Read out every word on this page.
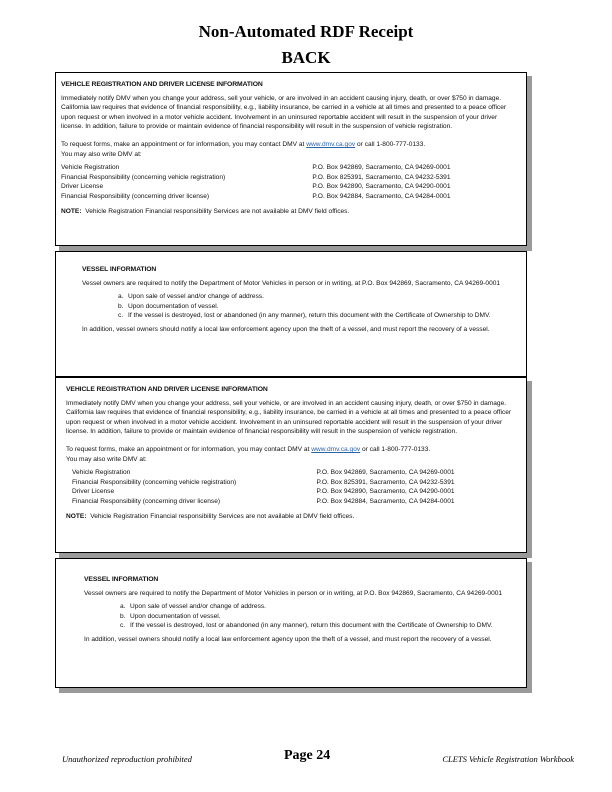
Non-Automated RDF Receipt
BACK
VEHICLE REGISTRATION AND DRIVER LICENSE INFORMATION

Immediately notify DMV when you change your address, sell your vehicle, or are involved in an accident causing injury, death, or over $750 in damage. California law requires that evidence of financial responsibility, e.g., liability insurance, be carried in a vehicle at all times and presented to a peace officer upon request or when involved in a motor vehicle accident. Involvement in an uninsured reportable accident will result in the suspension of your driver license. In addition, failure to provide or maintain evidence of financial responsibility will result in the suspension of vehicle registration.

To request forms, make an appointment or for information, you may contact DMV at www.dmv.ca.gov or call 1-800-777-0133.

You may also write DMV at:

Vehicle Registration	P.O. Box 942869, Sacramento, CA 94269-0001
Financial Responsibility (concerning vehicle registration)	P.O. Box 825391, Sacramento, CA 94232-5391
Driver License	P.O. Box 942890, Sacramento, CA 94290-0001
Financial Responsibility (concerning driver license)	P.O. Box 942884, Sacramento, CA 94284-0001

NOTE: Vehicle Registration Financial responsibility Services are not available at DMV field offices.

VESSEL INFORMATION

Vessel owners are required to notify the Department of Motor Vehicles in person or in writing, at P.O. Box 942869, Sacramento, CA 94269-0001

a. Upon sale of vessel and/or change of address.
b. Upon documentation of vessel.
c. If the vessel is destroyed, lost or abandoned (in any manner), return this document with the Certificate of Ownership to DMV.

In addition, vessel owners should notify a local law enforcement agency upon the theft of a vessel, and must report the recovery of a vessel.

VEHICLE REGISTRATION AND DRIVER LICENSE INFORMATION

Immediately notify DMV when you change your address, sell your vehicle, or are involved in an accident causing injury, death, or over $750 in damage. California law requires that evidence of financial responsibility, e.g., liability insurance, be carried in a vehicle at all times and presented to a peace officer upon request or when involved in a motor vehicle accident. Involvement in an uninsured reportable accident will result in the suspension of your driver license. In addition, failure to provide or maintain evidence of financial responsibility will result in the suspension of vehicle registration.

To request forms, make an appointment or for information, you may contact DMV at www.dmv.ca.gov or call 1-800-777-0133.

You may also write DMV at:

Vehicle Registration	P.O. Box 942869, Sacramento, CA 94269-0001
Financial Responsibility (concerning vehicle registration)	P.O. Box 825391, Sacramento, CA 94232-5391
Driver License	P.O. Box 942890, Sacramento, CA 94290-0001
Financial Responsibility (concerning driver license)	P.O. Box 942884, Sacramento, CA 94284-0001

NOTE: Vehicle Registration Financial responsibility Services are not available at DMV field offices.

VESSEL INFORMATION

Vessel owners are required to notify the Department of Motor Vehicles in person or in writing, at P.O. Box 942869, Sacramento, CA 94269-0001

a. Upon sale of vessel and/or change of address.
b. Upon documentation of vessel.
c. If the vessel is destroyed, lost or abandoned (in any manner), return this document with the Certificate of Ownership to DMV.

In addition, vessel owners should notify a local law enforcement agency upon the theft of a vessel, and must report the recovery of a vessel.

Unauthorized reproduction prohibited	Page 24	CLETS Vehicle Registration Workbook
